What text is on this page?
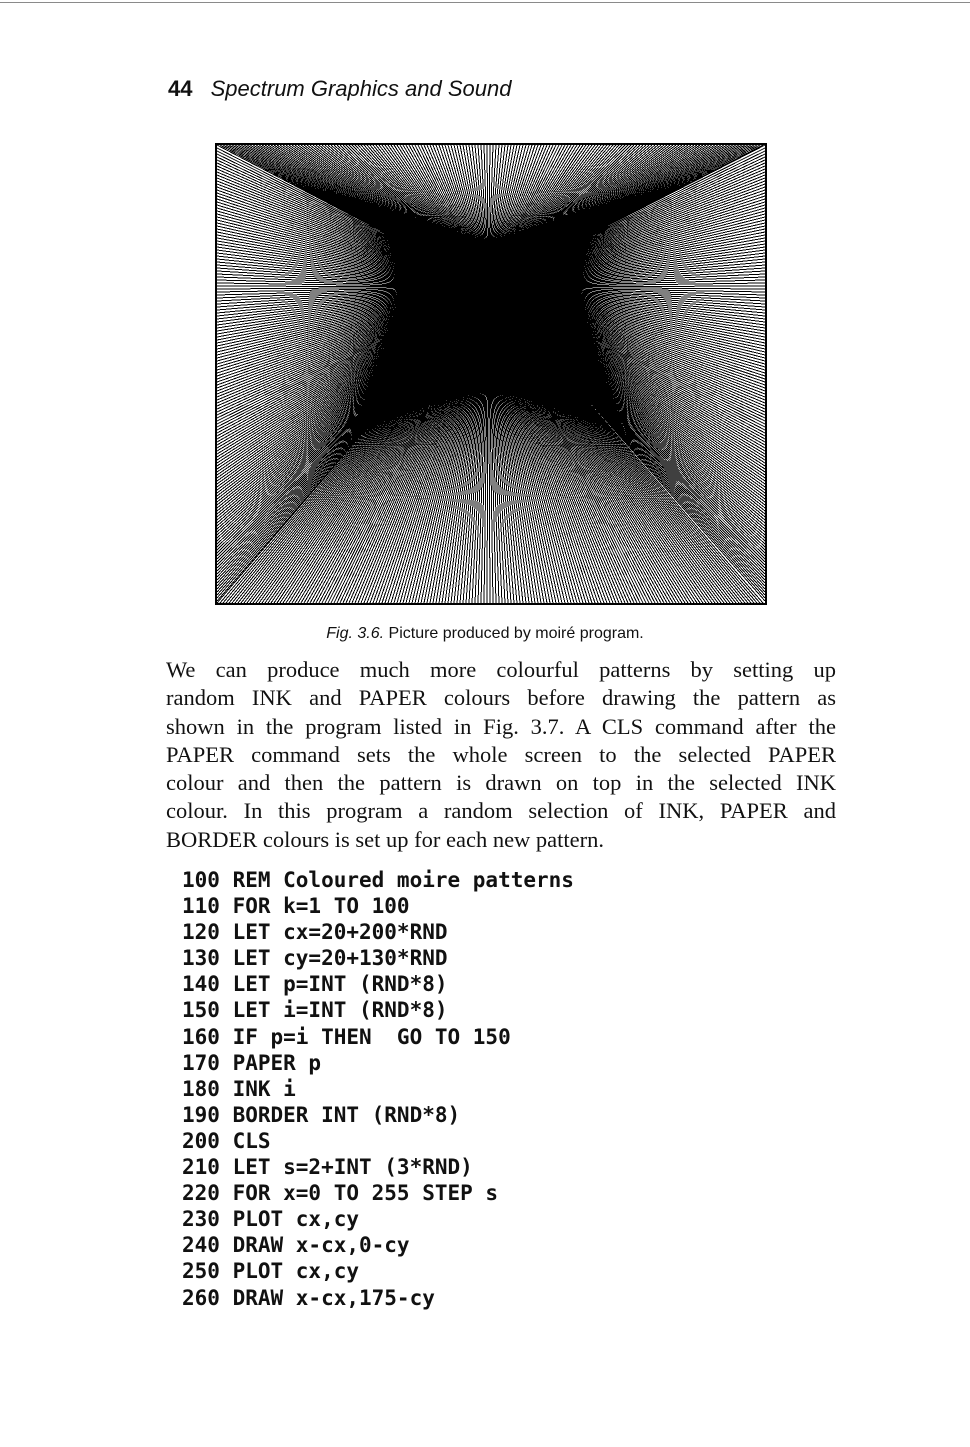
44 Spectrum Graphics and Sound
Fig. 3.6. Picture produced by moiré program.
We can produce much more colourful patterns by setting up
random INK and PAPER colours before drawing the pattern as
shown in the program listed in Fig. 3.7. A CLS command after the
PAPER command sets the whole screen to the selected PAPER
colour and then the pattern is drawn on top in the selected INK
colour. In this program a random selection of INK, PAPER and
BORDER colours is set up for each new pattern.
100 REM Coloured moire patterns
110 FOR k=1 TO 100
120 LET cx=20+200*RND
130 LET cy=20+130*RND
140 LET p=INT (RND*8)
150 LET i=INT (RND*8)
160 IF p=i THEN  GO TO 150
170 PAPER p
180 INK i
190 BORDER INT (RND*8)
200 CLS
210 LET s=2+INT (3*RND)
220 FOR x=0 TO 255 STEP s
230 PLOT cx,cy
240 DRAW x-cx,0-cy
250 PLOT cx,cy
260 DRAW x-cx,175-cy
